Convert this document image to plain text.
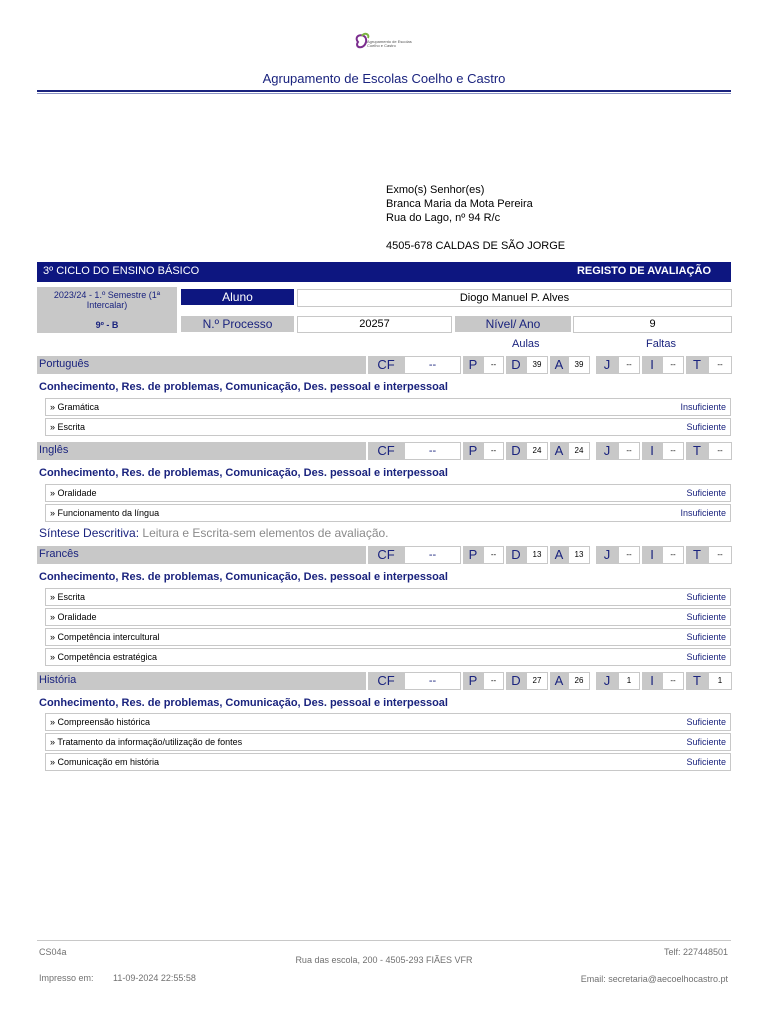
Agrupamento de Escolas
Coelho e Castro
Agrupamento de Escolas Coelho e Castro
Exmo(s) Senhor(es)
Branca Maria da Mota Pereira
Rua do Lago, nº 94 R/c
4505-678 CALDAS DE SÃO JORGE
3º CICLO DO ENSINO BÁSICO	REGISTO DE AVALIAÇÃO
2023/24 - 1.º Semestre (1ª Intercalar)
9º - B
Aluno	Diogo Manuel P. Alves
N.º Processo	20257	Nível/ Ano	9
Aulas	Faltas
Português	CF	--	P	--	D	39	A	39	J	--	I	--	T	--
Conhecimento, Res. de problemas, Comunicação, Des. pessoal e interpessoal
» Gramática	Insuficiente
» Escrita	Suficiente
Inglês	CF	--	P	--	D	24	A	24	J	--	I	--	T	--
Conhecimento, Res. de problemas, Comunicação, Des. pessoal e interpessoal
» Oralidade	Suficiente
» Funcionamento da língua	Insuficiente
Síntese Descritiva: Leitura e Escrita-sem elementos de avaliação.
Francês	CF	--	P	--	D	13	A	13	J	--	I	--	T	--
Conhecimento, Res. de problemas, Comunicação, Des. pessoal e interpessoal
» Escrita	Suficiente
» Oralidade	Suficiente
» Competência intercultural	Suficiente
» Competência estratégica	Suficiente
História	CF	--	P	--	D	27	A	26	J	1	I	--	T	1
Conhecimento, Res. de problemas, Comunicação, Des. pessoal e interpessoal
» Compreensão histórica	Suficiente
» Tratamento da informação/utilização de fontes	Suficiente
» Comunicação em história	Suficiente
CS04a
Rua das escola, 200 - 4505-293 FIÃES VFR
Telf: 227448501
Impresso em: 11-09-2024 22:55:58	Email: secretaria@aecoelhocastro.pt
